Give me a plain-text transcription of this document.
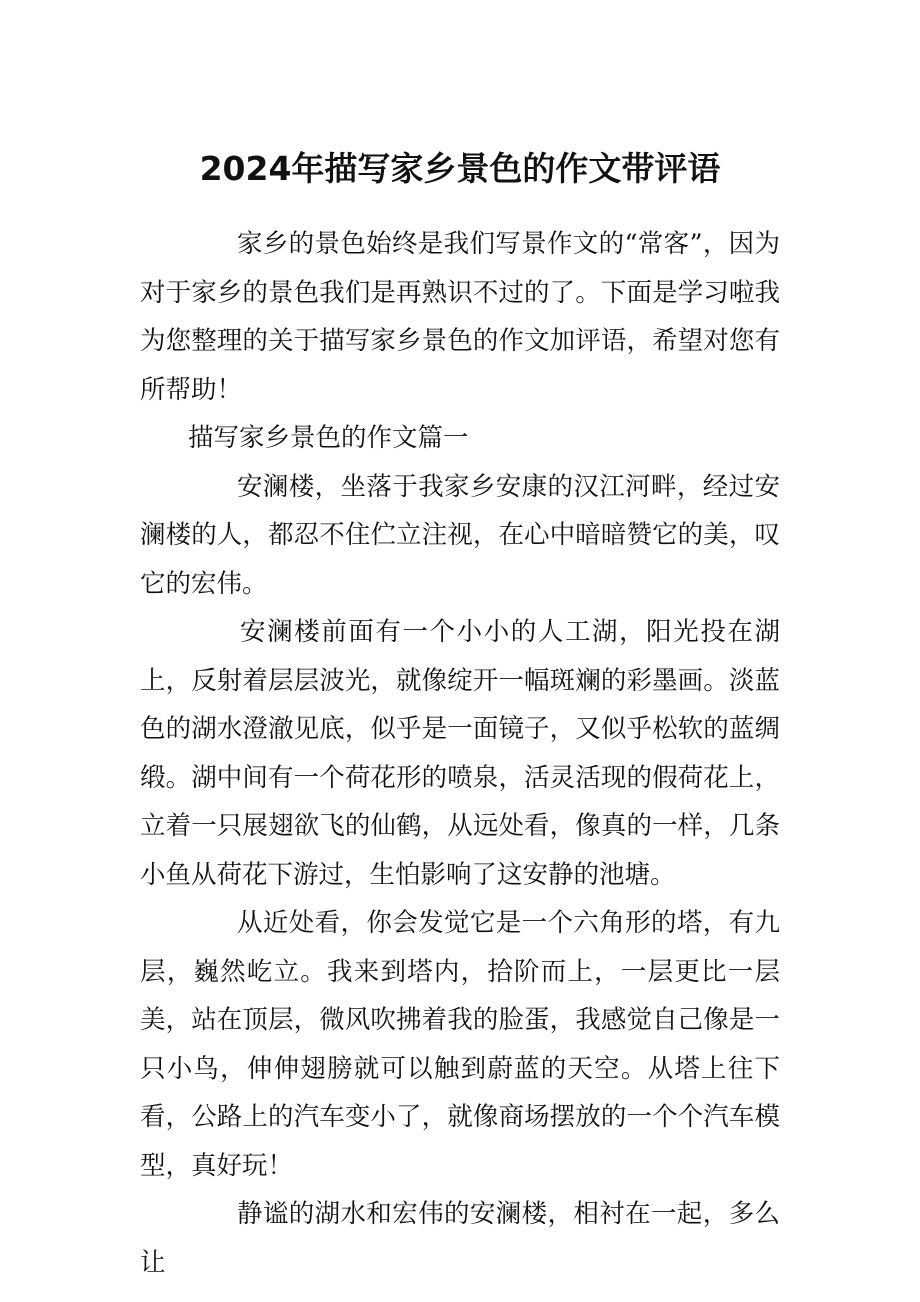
2024年描写家乡景色的作文带评语

家乡的景色始终是我们写景作文的“常客”，因为对于家乡的景色我们是再熟识不过的了。下面是学习啦我为您整理的关于描写家乡景色的作文加评语，希望对您有所帮助！

描写家乡景色的作文篇一

安澜楼，坐落于我家乡安康的汉江河畔，经过安澜楼的人，都忍不住伫立注视，在心中暗暗赞它的美，叹它的宏伟。

安澜楼前面有一个小小的人工湖，阳光投在湖上，反射着层层波光，就像绽开一幅斑斓的彩墨画。淡蓝色的湖水澄澈见底，似乎是一面镜子，又似乎松软的蓝绸缎。湖中间有一个荷花形的喷泉，活灵活现的假荷花上，立着一只展翅欲飞的仙鹤，从远处看，像真的一样，几条小鱼从荷花下游过，生怕影响了这安静的池塘。

从近处看，你会发觉它是一个六角形的塔，有九层，巍然屹立。我来到塔内，拾阶而上，一层更比一层美，站在顶层，微风吹拂着我的脸蛋，我感觉自己像是一只小鸟，伸伸翅膀就可以触到蔚蓝的天空。从塔上往下看，公路上的汽车变小了，就像商场摆放的一个个汽车模型，真好玩！

静谧的湖水和宏伟的安澜楼，相衬在一起，多么让
